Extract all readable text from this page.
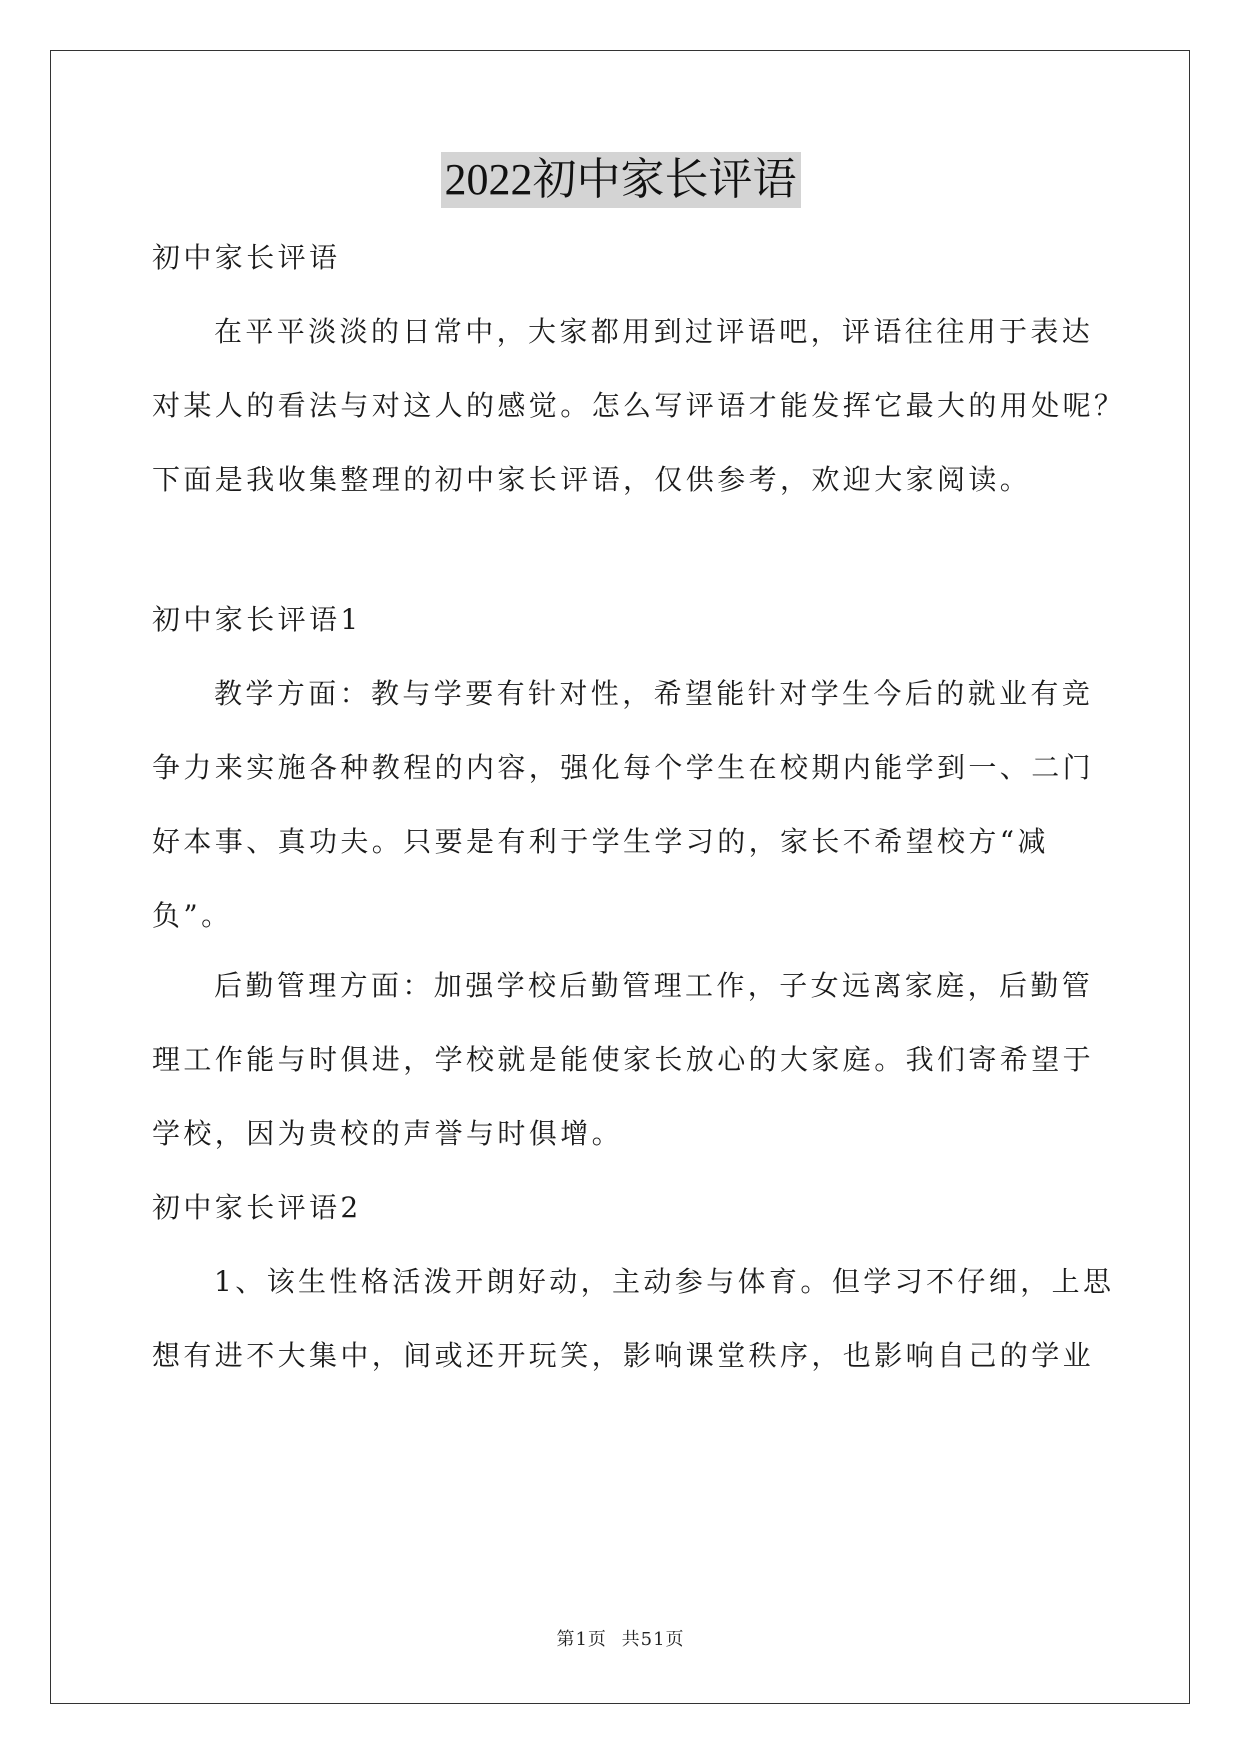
2022初中家长评语
初中家长评语
在平平淡淡的日常中，大家都用到过评语吧，评语往往用于表达
对某人的看法与对这人的感觉。怎么写评语才能发挥它最大的用处呢？
下面是我收集整理的初中家长评语，仅供参考，欢迎大家阅读。
初中家长评语1
教学方面：教与学要有针对性，希望能针对学生今后的就业有竞
争力来实施各种教程的内容，强化每个学生在校期内能学到一、二门
好本事、真功夫。只要是有利于学生学习的，家长不希望校方“减
负”。
后勤管理方面：加强学校后勤管理工作，子女远离家庭，后勤管
理工作能与时俱进，学校就是能使家长放心的大家庭。我们寄希望于
学校，因为贵校的声誉与时俱增。
初中家长评语2
1、该生性格活泼开朗好动，主动参与体育。但学习不仔细，上思
想有进不大集中，间或还开玩笑，影响课堂秩序，也影响自己的学业
第1页 共51页
